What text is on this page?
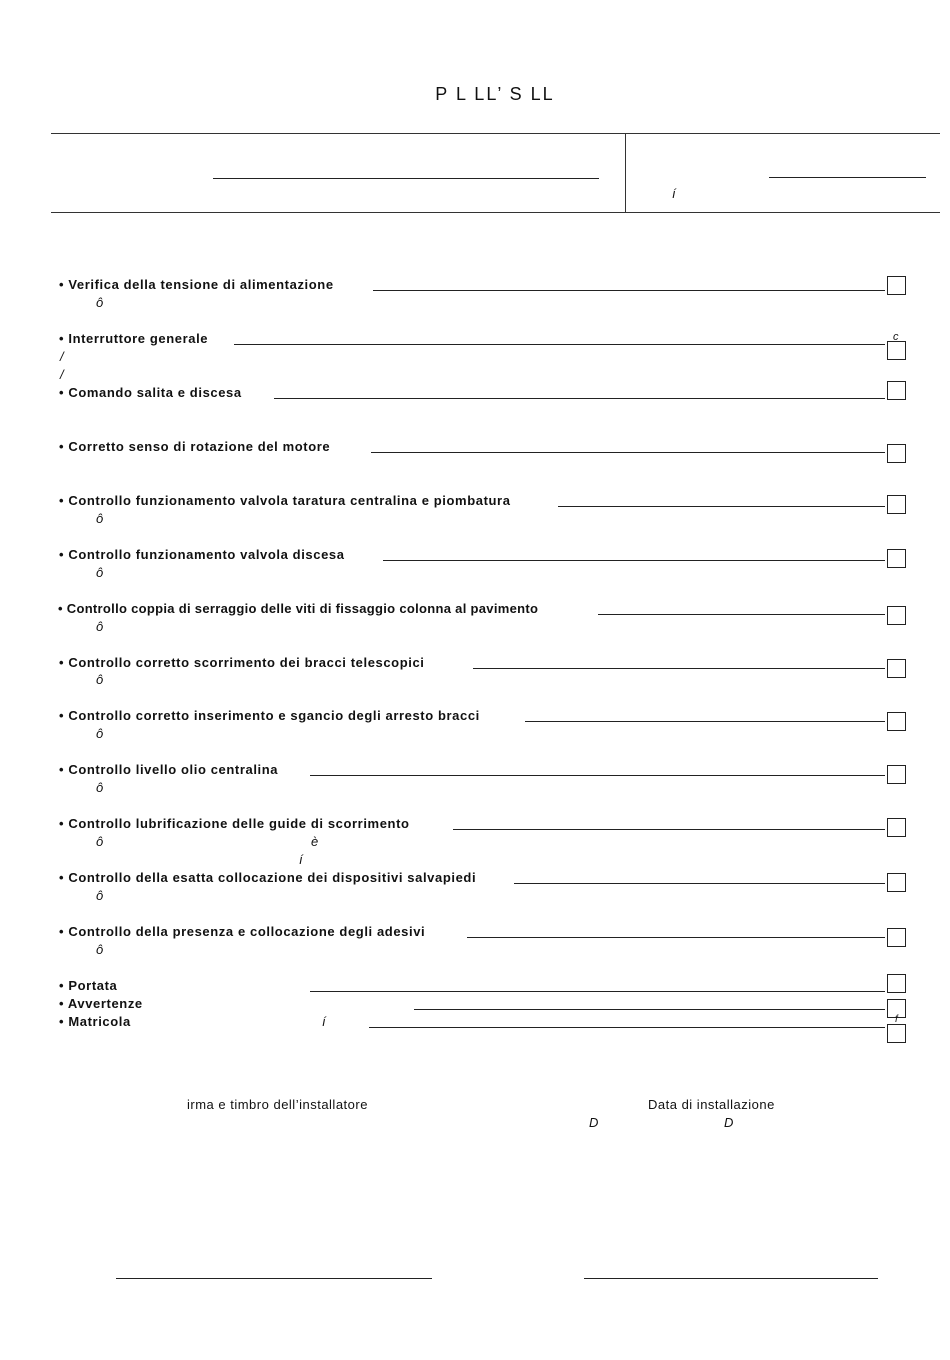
P L LL’ S LL
í
• Verifica della tensione di alimentazione
ô
• Interruttore generale
/
/
c
• Comando salita e discesa
• Corretto senso di rotazione del motore
• Controllo funzionamento valvola taratura centralina e piombatura
ô
• Controllo funzionamento valvola discesa
ô
• Controllo coppia di serraggio delle viti di fissaggio colonna al pavimento
ô
• Controllo corretto scorrimento dei bracci telescopici
ô
• Controllo corretto inserimento e sgancio degli arresto bracci
ô
• Controllo livello olio centralina
ô
• Controllo lubrificazione delle guide di scorrimento
ô	è
í
• Controllo della esatta collocazione dei dispositivi salvapiedi
ô
• Controllo della presenza e collocazione degli adesivi
ô
• Portata
• Avvertenze
• Matricola	í	f
irma e timbro dell’installatore	Data di installazione
D	D
